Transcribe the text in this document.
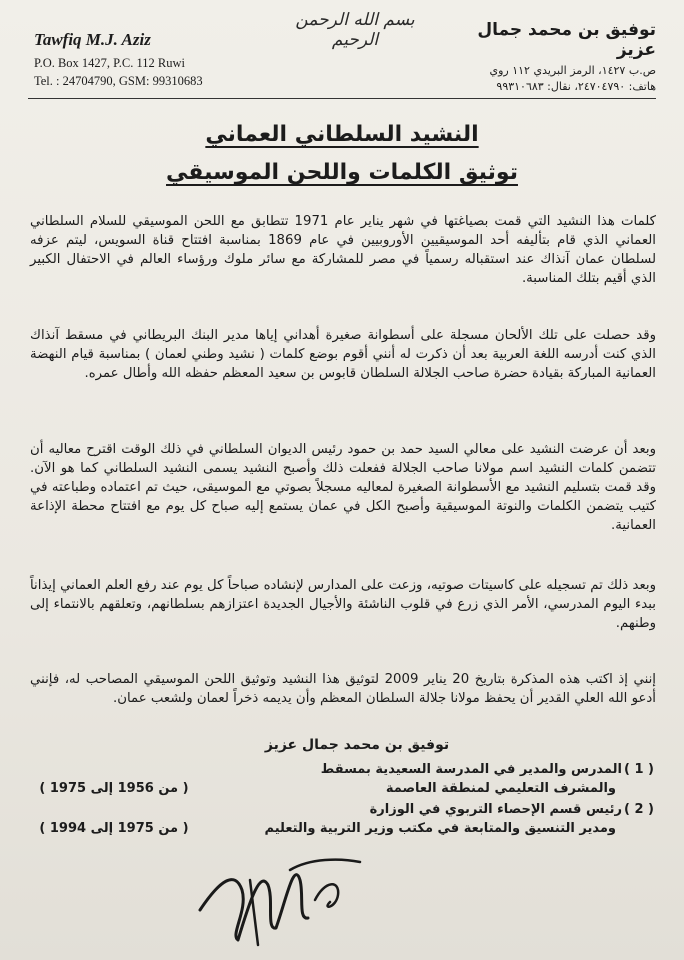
Tawfiq M.J. Aziz
P.O. Box 1427, P.C. 112 Ruwi
Tel. : 24704790, GSM: 99310683
بسم الله الرحمن الرحيم	توفيق بن محمد جمال عزيز
ص.ب ١٤٢٧، الرمز البريدي ١١٢ روي
هاتف: ٢٤٧٠٤٧٩٠، نقال: ٩٩٣١٠٦٨٣
النشيد السلطاني العماني
توثيق الكلمات واللحن الموسيقي
كلمات هذا النشيد التي قمت بصياغتها في شهر يناير عام 1971 تتطابق مع اللحن الموسيقي للسلام السلطاني العماني الذي قام بتأليفه أحد الموسيقيين الأوروبيين في عام 1869 بمناسبة افتتاح قناة السويس، ليتم عزفه لسلطان عمان آنذاك عند استقباله رسمياً في مصر للمشاركة مع سائر ملوك ورؤساء العالم في الاحتفال الكبير الذي أقيم بتلك المناسبة.
وقد حصلت على تلك الألحان مسجلة على أسطوانة صغيرة أهداني إياها مدير البنك البريطاني في مسقط آنذاك الذي كنت أدرسه اللغة العربية بعد أن ذكرت له أنني أقوم بوضع كلمات ( نشيد وطني لعمان ) بمناسبة قيام النهضة العمانية المباركة بقيادة حضرة صاحب الجلالة السلطان قابوس بن سعيد المعظم حفظه الله وأطال عمره.
وبعد أن عرضت النشيد على معالي السيد حمد بن حمود رئيس الديوان السلطاني في ذلك الوقت اقترح معاليه أن تتضمن كلمات النشيد اسم مولانا صاحب الجلالة ففعلت ذلك وأصبح النشيد يسمى النشيد السلطاني كما هو الآن. وقد قمت بتسليم النشيد مع الأسطوانة الصغيرة لمعاليه مسجلاً بصوتي مع الموسيقى، حيث تم اعتماده وطباعته في كتيب يتضمن الكلمات والنوتة الموسيقية وأصبح الكل في عمان يستمع إليه صباح كل يوم مع افتتاح محطة الإذاعة العمانية.
وبعد ذلك تم تسجيله على كاسيتات صوتيه، وزعت على المدارس لإنشاده صباحاً كل يوم عند رفع العلم العماني إيذاناً ببدء اليوم المدرسي، الأمر الذي زرع في قلوب الناشئة والأجيال الجديدة اعتزازهم بسلطانهم، وتعلقهم بالانتماء إلى وطنهم.
إنني إذ اكتب هذه المذكرة بتاريخ 20 يناير 2009 لتوثيق هذا النشيد وتوثيق اللحن الموسيقي المصاحب له، فإنني أدعو الله العلي القدير أن يحفظ مولانا جلالة السلطان المعظم وأن يديمه ذخراً لعمان ولشعب عمان.
توفيق بن محمد جمال عزيز
( 1 )المدرس والمدير في المدرسة السعيدية بمسقط
والمشرف التعليمي لمنطقة العاصمة
( من 1956 إلى 1975 )
( 2 )رئيس قسم الإحصاء التربوي في الوزارة
ومدير التنسيق والمتابعة في مكتب وزير التربية والتعليم
( من 1975 إلى 1994 )
